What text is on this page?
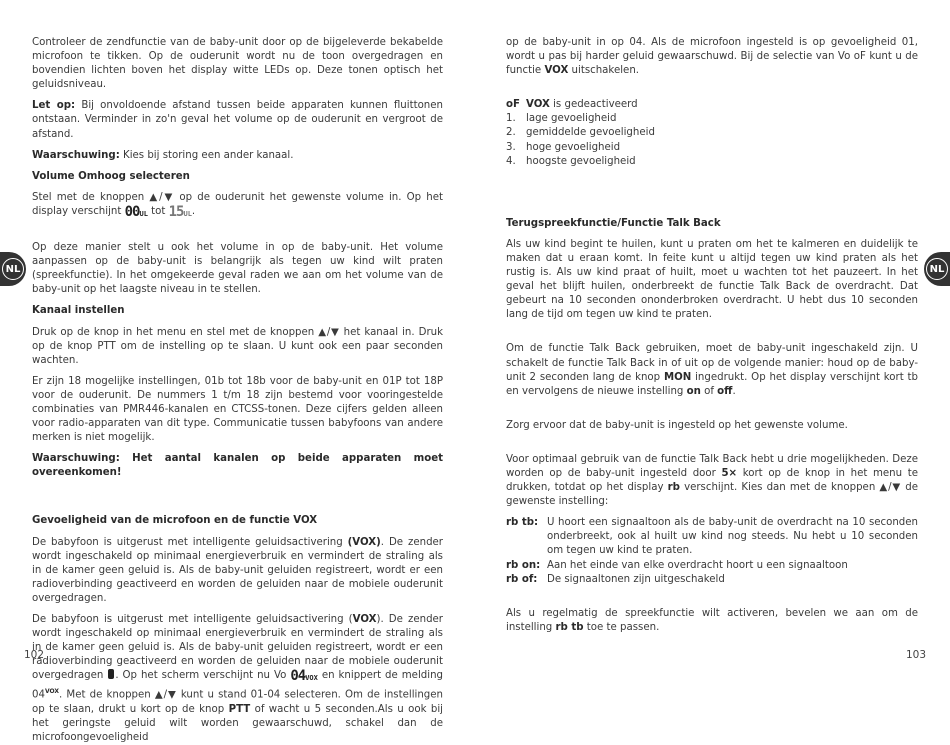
NL	NL

Controleer de zendfunctie van de baby-unit door op de bijgeleverde bekabelde microfoon te tikken. Op de ouderunit wordt nu de toon overgedragen en bovendien lichten boven het display witte LEDs op. Deze tonen optisch het geluidsniveau.

Let op: Bij onvoldoende afstand tussen beide apparaten kunnen fluittonen ontstaan. Verminder in zo'n geval het volume op de ouderunit en vergroot de afstand.

Waarschuwing: Kies bij storing een ander kanaal.

Volume Omhoog selecteren

Stel met de knoppen ▲/▼ op de ouderunit het gewenste volume in. Op het display verschijnt 00UL tot 15UL.

Op deze manier stelt u ook het volume in op de baby-unit. Het volume aanpassen op de baby-unit is belangrijk als tegen uw kind wilt praten (spreekfunctie). In het omgekeerde geval raden we aan om het volume van de baby-unit op het laagste niveau in te stellen.

Kanaal instellen

Druk op de knop in het menu en stel met de knoppen ▲/▼ het kanaal in. Druk op de knop PTT om de instelling op te slaan. U kunt ook een paar seconden wachten.

Er zijn 18 mogelijke instellingen, 01b tot 18b voor de baby-unit en 01P tot 18P voor de ouderunit. De nummers 1 t/m 18 zijn bestemd voor vooringestelde combinaties van PMR446-kanalen en CTCSS-tonen. Deze cijfers gelden alleen voor radio-apparaten van dit type. Communicatie tussen babyfoons van andere merken is niet mogelijk.

Waarschuwing: Het aantal kanalen op beide apparaten moet overeenkomen!

Gevoeligheid van de microfoon en de functie VOX

De babyfoon is uitgerust met intelligente geluidsactivering (VOX). De zender wordt ingeschakeld op minimaal energieverbruik en vermindert de straling als in de kamer geen geluid is. Als de baby-unit geluiden registreert, wordt er een radioverbinding geactiveerd en worden de geluiden naar de mobiele ouderunit overgedragen.

De babyfoon is uitgerust met intelligente geluidsactivering (VOX). De zender wordt ingeschakeld op minimaal energieverbruik en vermindert de straling als in de kamer geen geluid is. Als de baby-unit geluiden registreert, wordt er een radioverbinding geactiveerd en worden de geluiden naar de mobiele ouderunit overgedragen . Op het scherm verschijnt nu Vo 04VOX en knippert de melding $04^{VOX}$. Met de knoppen ▲/▼ kunt u stand 01-04 selecteren. Om de instellingen op te slaan, drukt u kort op de knop PTT of wacht u 5 seconden.Als u ook bij het geringste geluid wilt worden gewaarschuwd, schakel dan de microfoongevoeligheid

op de baby-unit in op 04. Als de microfoon ingesteld is op gevoeligheid 01, wordt u pas bij harder geluid gewaarschuwd. Bij de selectie van Vo oF kunt u de functie VOX uitschakelen.

oF VOX is gedeactiveerd

1.	lage gevoeligheid
2.	gemiddelde gevoeligheid
3.	hoge gevoeligheid
4.	hoogste gevoeligheid

Terugspreekfunctie/Functie Talk Back

Als uw kind begint te huilen, kunt u praten om het te kalmeren en duidelijk te maken dat u eraan komt. In feite kunt u altijd tegen uw kind praten als het rustig is. Als uw kind praat of huilt, moet u wachten tot het pauzeert. In het geval het blijft huilen, onderbreekt de functie Talk Back de overdracht. Dat gebeurt na 10 seconden ononderbroken overdracht. U hebt dus 10 seconden lang de tijd om tegen uw kind te praten.

Om de functie Talk Back gebruiken, moet de baby-unit ingeschakeld zijn. U schakelt de functie Talk Back in of uit op de volgende manier: houd op de baby-unit 2 seconden lang de knop MON ingedrukt. Op het display verschijnt kort tb en vervolgens de nieuwe instelling on of off.

Zorg ervoor dat de baby-unit is ingesteld op het gewenste volume.

Voor optimaal gebruik van de functie Talk Back hebt u drie mogelijkheden. Deze worden op de baby-unit ingesteld door 5× kort op de knop in het menu te drukken, totdat op het display rb verschijnt. Kies dan met de knoppen ▲/▼ de gewenste instelling:

rb tb: U hoort een signaaltoon als de baby-unit de overdracht na 10 seconden onderbreekt, ook al huilt uw kind nog steeds. Nu hebt u 10 seconden om tegen uw kind te praten.
rb on: Aan het einde van elke overdracht hoort u een signaaltoon
rb of: De signaaltonen zijn uitgeschakeld

Als u regelmatig de spreekfunctie wilt activeren, bevelen we aan om de instelling rb tb toe te passen.

102	103
